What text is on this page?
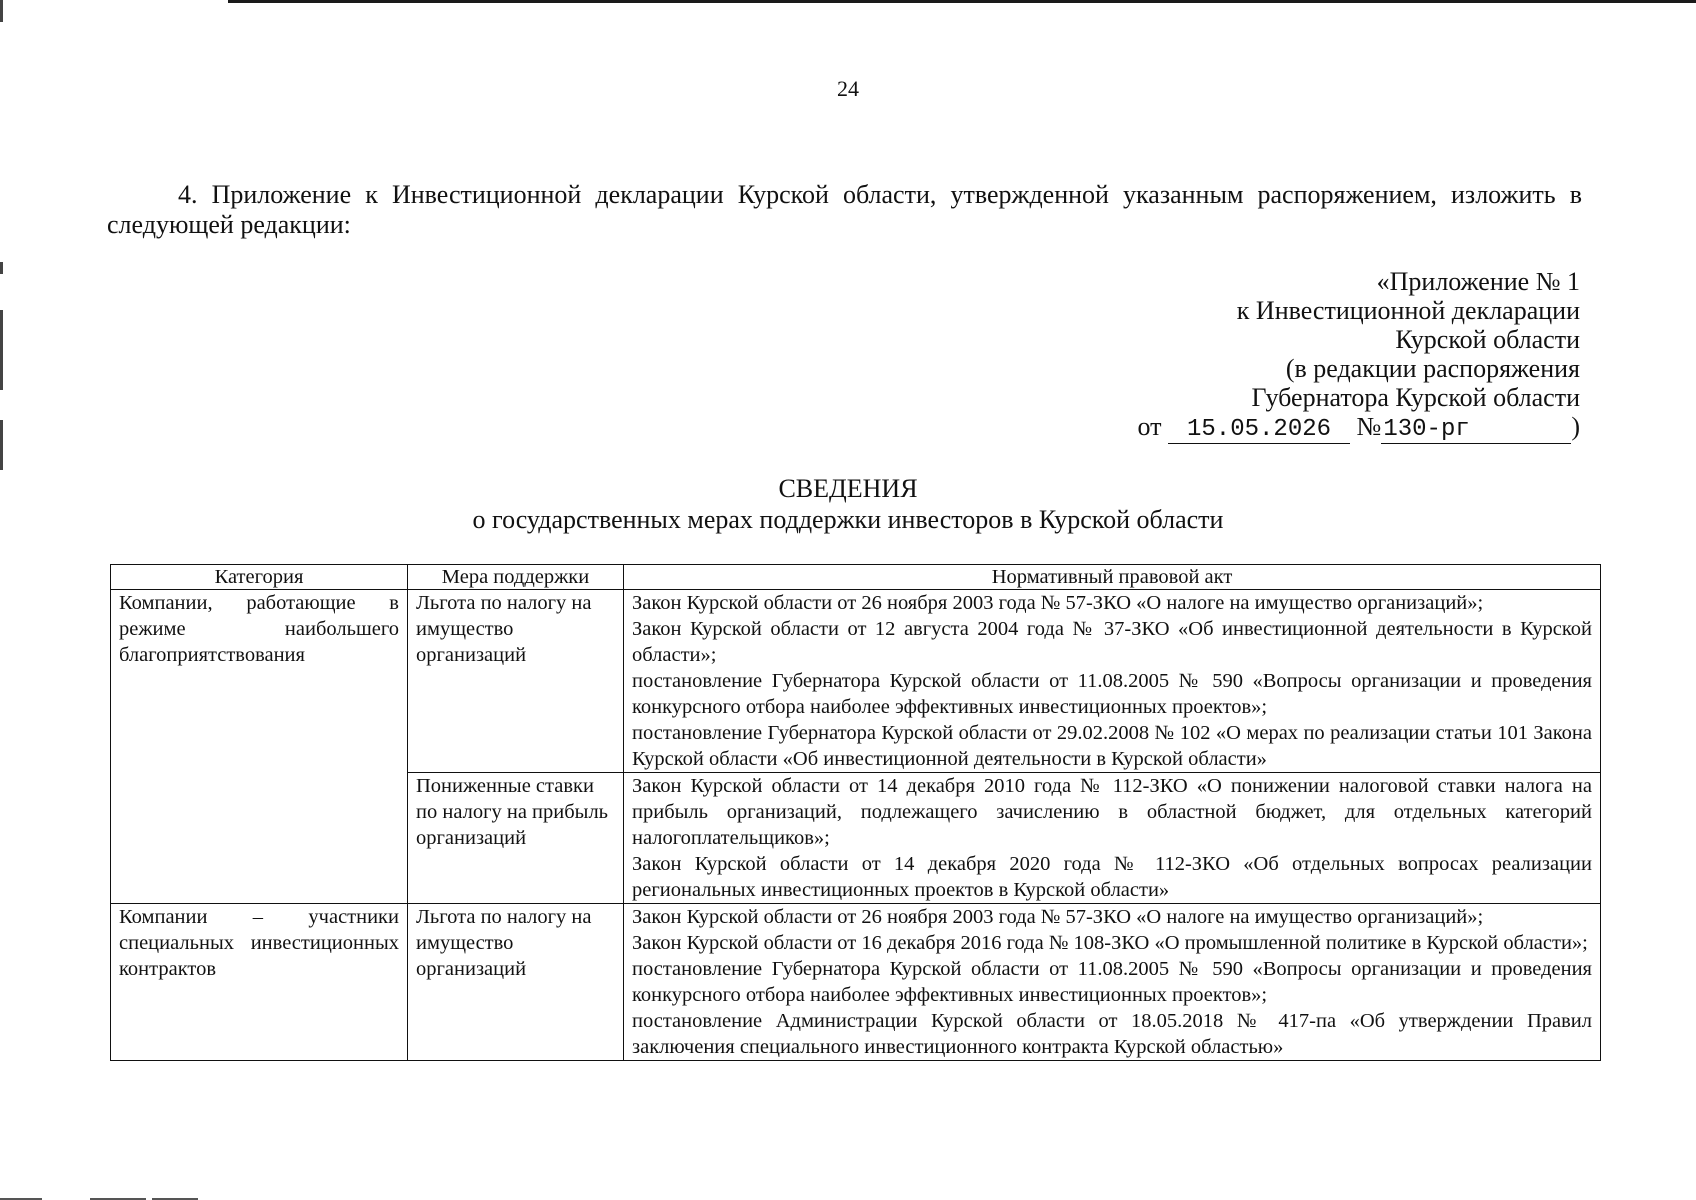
24

4. Приложение к Инвестиционной декларации Курской области, утвержденной указанным распоряжением, изложить в следующей редакции:

«Приложение № 1
к Инвестиционной декларации
Курской области
(в редакции распоряжения
Губернатора Курской области
от 15.05.2026 №130-рг	)
СВЕДЕНИЯ
о государственных мерах поддержки инвесторов в Курской области
Категория	Мера поддержки	Нормативный правовой акт
Компании, работающие в режиме наибольшего благоприятствования	Льгота по налогу на имущество организаций	Закон Курской области от 26 ноября 2003 года № 57-ЗКО «О налоге на имущество организаций»;
Закон Курской области от 12 августа 2004 года № 37-ЗКО «Об инвестиционной деятельности в Курской области»;
постановление Губернатора Курской области от 11.08.2005 № 590 «Вопросы организации и проведения конкурсного отбора наиболее эффективных инвестиционных проектов»;
постановление Губернатора Курской области от 29.02.2008 № 102 «О мерах по реализации статьи 101 Закона Курской области «Об инвестиционной деятельности в Курской области»

	Пониженные ставки по налогу на прибыль организаций	Закон Курской области от 14 декабря 2010 года № 112-ЗКО «О понижении налоговой ставки налога на прибыль организаций, подлежащего зачислению в областной бюджет, для отдельных категорий налогоплательщиков»;
Закон Курской области от 14 декабря 2020 года № 112-ЗКО «Об отдельных вопросах реализации региональных инвестиционных проектов в Курской области»

Компании – участники специальных инвестиционных контрактов	Льгота по налогу на имущество организаций	Закон Курской области от 26 ноября 2003 года № 57-ЗКО «О налоге на имущество организаций»;
Закон Курской области от 16 декабря 2016 года № 108-ЗКО «О промышленной политике в Курской области»;
постановление Губернатора Курской области от 11.08.2005 № 590 «Вопросы организации и проведения конкурсного отбора наиболее эффективных инвестиционных проектов»;
постановление Администрации Курской области от 18.05.2018 № 417-па «Об утверждении Правил заключения специального инвестиционного контракта Курской областью»
